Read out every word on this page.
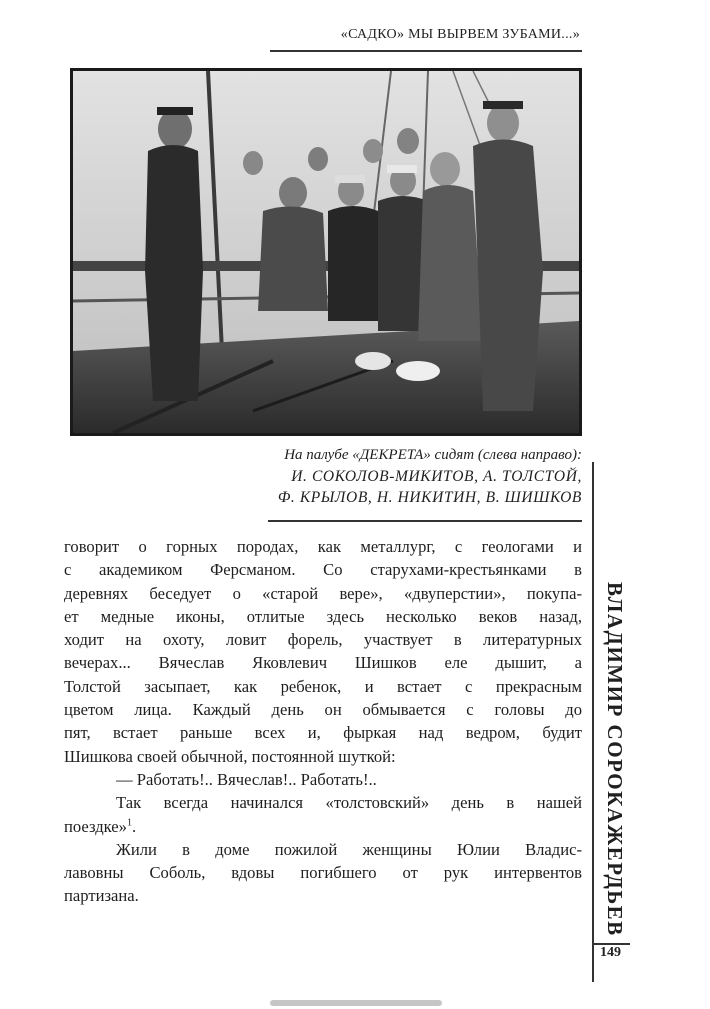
«САДКО» МЫ ВЫРВЕМ ЗУБАМИ...»
На палубе «ДЕКРЕТА» сидят (слева направо):
И. СОКОЛОВ-МИКИТОВ, А. ТОЛСТОЙ,
Ф. КРЫЛОВ, Н. НИКИТИН, В. ШИШКОВ

говорит о горных породах, как металлург, с геологами и

с академиком Ферсманом. Со старухами-крестьянками в

деревнях беседует о «старой вере», «двуперстии», покупа-

ет медные иконы, отлитые здесь несколько веков назад,

ходит на охоту, ловит форель, участвует в литературных

вечерах... Вячеслав Яковлевич Шишков еле дышит, а

Толстой засыпает, как ребенок, и встает с прекрасным

цветом лица. Каждый день он обмывается с головы до

пят, встает раньше всех и, фыркая над ведром, будит

Шишкова своей обычной, постоянной шуткой:

— Работать!.. Вячеслав!.. Работать!..

Так всегда начинался «толстовский» день в нашей

поездке»$^1$.

Жили в доме пожилой женщины Юлии Владис-

лавовны Соболь, вдовы погибшего от рук интервентов

партизана.	ВЛАДИМИР СОРОКАЖЕРДЬЕВ
149
